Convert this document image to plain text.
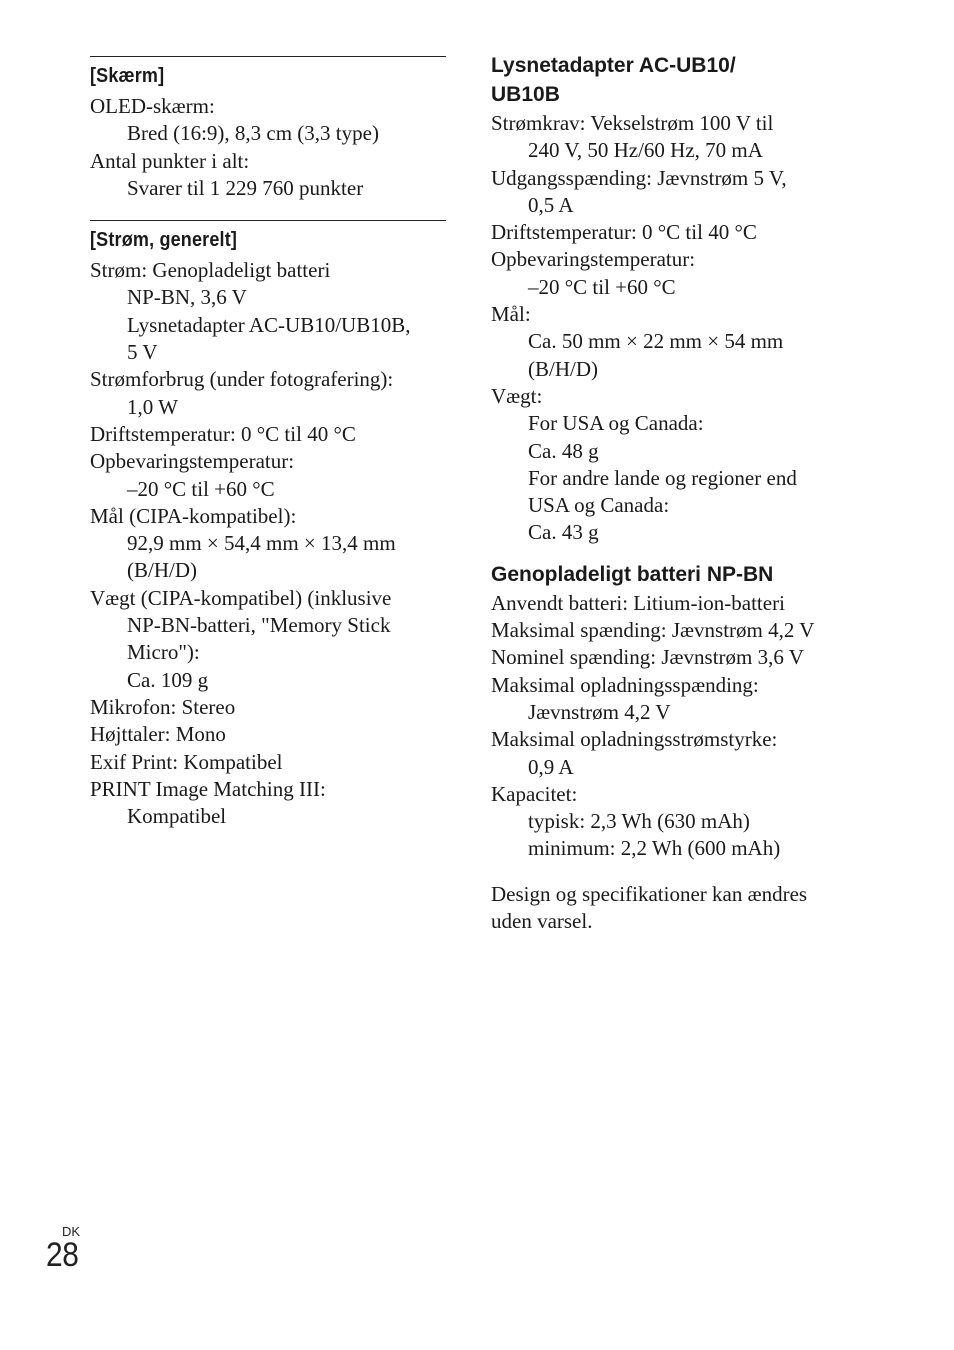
[Skærm]
OLED-skærm:
Bred (16:9), 8,3 cm (3,3 type)
Antal punkter i alt:
Svarer til 1 229 760 punkter
[Strøm, generelt]
Strøm: Genopladeligt batteri
NP-BN, 3,6 V
Lysnetadapter AC-UB10/UB10B,
5 V
Strømforbrug (under fotografering):
1,0 W
Driftstemperatur: 0 °C til 40 °C
Opbevaringstemperatur:
–20 °C til +60 °C
Mål (CIPA-kompatibel):
92,9 mm × 54,4 mm × 13,4 mm
(B/H/D)
Vægt (CIPA-kompatibel) (inklusive
NP-BN-batteri, "Memory Stick
Micro"):
Ca. 109 g
Mikrofon: Stereo
Højttaler: Mono
Exif Print: Kompatibel
PRINT Image Matching III:
Kompatibel
Lysnetadapter AC-UB10/
UB10B
Strømkrav: Vekselstrøm 100 V til
240 V, 50 Hz/60 Hz, 70 mA
Udgangsspænding: Jævnstrøm 5 V,
0,5 A
Driftstemperatur: 0 °C til 40 °C
Opbevaringstemperatur:
–20 °C til +60 °C
Mål:
Ca. 50 mm × 22 mm × 54 mm
(B/H/D)
Vægt:
For USA og Canada:
Ca. 48 g
For andre lande og regioner end
USA og Canada:
Ca. 43 g
Genopladeligt batteri NP-BN
Anvendt batteri: Litium-ion-batteri
Maksimal spænding: Jævnstrøm 4,2 V
Nominel spænding: Jævnstrøm 3,6 V
Maksimal opladningsspænding:
Jævnstrøm 4,2 V
Maksimal opladningsstrømstyrke:
0,9 A
Kapacitet:
typisk: 2,3 Wh (630 mAh)
minimum: 2,2 Wh (600 mAh)
Design og specifikationer kan ændres
uden varsel.
DK
28
